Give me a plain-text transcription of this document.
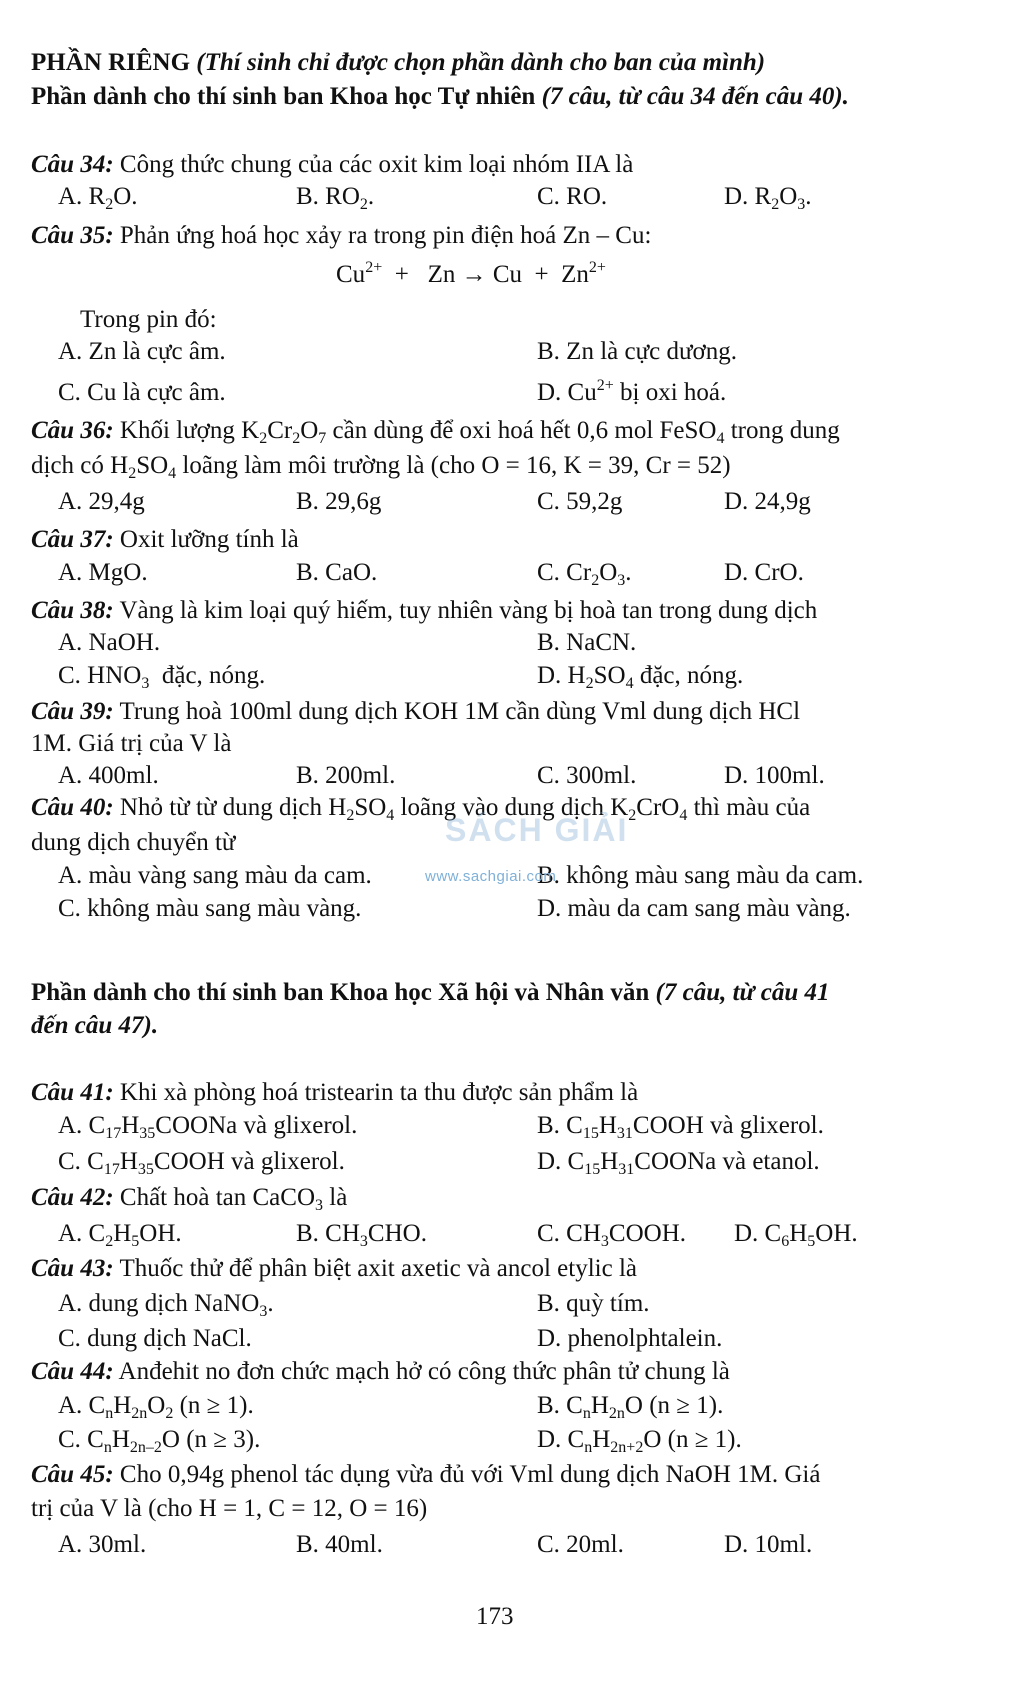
PHẦN RIÊNG (Thí sinh chỉ được chọn phần dành cho ban của mình)
Phần dành cho thí sinh ban Khoa học Tự nhiên (7 câu, từ câu 34 đến câu 40).
Câu 34: Công thức chung của các oxit kim loại nhóm IIA là
A. $R_2O$.	B. $RO_2$.	C. RO.	D. $R_2O_3$.
Câu 35: Phản ứng hoá học xảy ra trong pin điện hoá Zn – Cu:
$Cu^{2+} + Zn \to Cu + Zn^{2+}$
Trong pin đó:
A. Zn là cực âm.	B. Zn là cực dương.
C. Cu là cực âm.	D. $Cu^{2+}$ bị oxi hoá.
Câu 36: Khối lượng $K_2Cr_2O_7$ cần dùng để oxi hoá hết 0,6 mol FeSO$_4$ trong dung
dịch có $H_2SO_4$ loãng làm môi trường là (cho O = 16, K = 39, Cr = 52)
A. 29,4g	B. 29,6g	C. 59,2g	D. 24,9g
Câu 37: Oxit lưỡng tính là
A. MgO.	B. CaO.	C. $Cr_2O_3$.	D. CrO.
Câu 38: Vàng là kim loại quý hiếm, tuy nhiên vàng bị hoà tan trong dung dịch
A. NaOH.	B. NaCN.
C. $HNO_3$  đặc, nóng.	D. $H_2SO_4$ đặc, nóng.
Câu 39: Trung hoà 100ml dung dịch KOH 1M cần dùng Vml dung dịch HCl
1M. Giá trị của V là
A. 400ml.	B. 200ml.	C. 300ml.	D. 100ml.
Câu 40: Nhỏ từ từ dung dịch $H_2SO_4$ loãng vào dung dịch $K_2CrO_4$ thì màu của
dung dịch chuyển từ
A. màu vàng sang màu da cam.	B. không màu sang màu da cam.
C. không màu sang màu vàng.	D. màu da cam sang màu vàng.
SÁCH GIẢI
www.sachgiai.com
Phần dành cho thí sinh ban Khoa học Xã hội và Nhân văn (7 câu, từ câu 41
đến câu 47).
Câu 41: Khi xà phòng hoá tristearin ta thu được sản phẩm là
A. $C_{17}H_{35}COONa$ và glixerol.	B. $C_{15}H_{31}COOH$ và glixerol.
C. $C_{17}H_{35}COOH$ và glixerol.	D. $C_{15}H_{31}COONa$ và etanol.
Câu 42: Chất hoà tan CaCO$_3$ là
A. $C_2H_5OH$.	B. $CH_3CHO$.	C. $CH_3COOH$. D. $C_6H_5OH$.
Câu 43: Thuốc thử để phân biệt axit axetic và ancol etylic là
A. dung dịch NaNO$_3$.	B. quỳ tím.
C. dung dịch NaCl.	D. phenolphtalein.
Câu 44: Anđehit no đơn chức mạch hở có công thức phân tử chung là
A. $C_nH_{2n}O_2$ (n ≥ 1).	B. $C_nH_{2n}O$ (n ≥ 1).
C. $C_nH_{2n-2}O$ (n ≥ 3).	D. $C_nH_{2n+2}O$ (n ≥ 1).
Câu 45: Cho 0,94g phenol tác dụng vừa đủ với Vml dung dịch NaOH 1M. Giá
trị của V là (cho H = 1, C = 12, O = 16)
A. 30ml.	B. 40ml.	C. 20ml.	D. 10ml.
173
